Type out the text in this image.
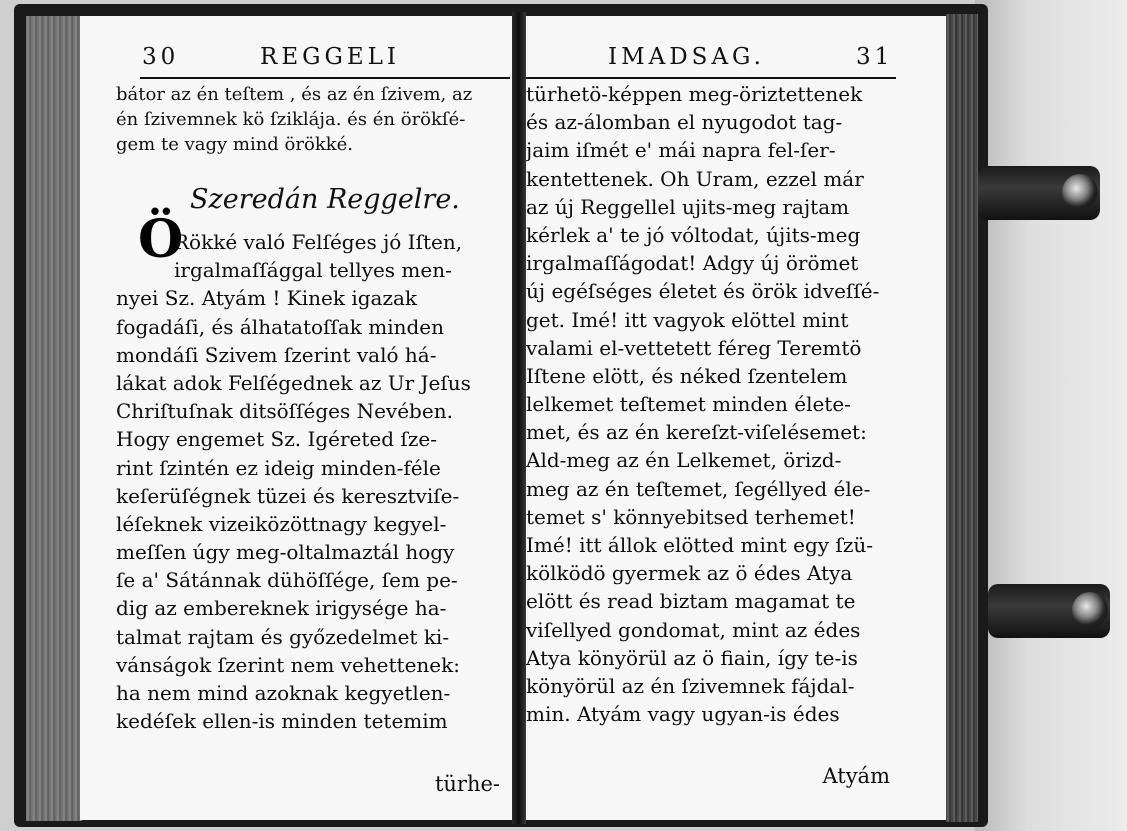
30	REGGELI
bátor az én teſtem , és az én ſzivem, az
én ſzivemnek kö ſziklája. és én örökſé-
gem te vagy mind örökké.
Szeredán Reggelre.
Ö
Rökké való Felſéges jó Iſten,
irgalmaſſággal tellyes men-
nyei Sz. Atyám ! Kinek igazak
fogadáſi, és álhatatoſſak minden
mondáſi Szivem ſzerint való há-
lákat adok Felſégednek az Ur Jeſus
Chriſtuſnak ditsöſſéges Nevében.
Hogy engemet Sz. Igéreted ſze-
rint ſzintén ez ideig minden-féle
keſerüſégnek tüzei és keresztviſe-
léſeknek vizeiközöttnagy kegyel-
meſſen úgy meg-oltalmaztál hogy
ſe a' Sátánnak dühöſſége, ſem pe-
dig az embereknek irigysége ha-
talmat rajtam és győzedelmet ki-
vánságok ſzerint nem vehettenek:
ha nem mind azoknak kegyetlen-
kedéſek ellen-is minden tetemim
türhe-
IMADSAG.	31
türhetö-képpen meg-öriztettenek
és az-álomban el nyugodot tag-
jaim iſmét e' mái napra fel-ſer-
kentettenek. Oh Uram, ezzel már
az új Reggellel ujits-meg rajtam
kérlek a' te jó vóltodat, újits-meg
irgalmaſſágodat! Adgy új örömet
új egéſséges életet és örök idveſſé-
get. Imé! itt vagyok elöttel mint
valami el-vettetett féreg Teremtö
Iſtene elött, és néked ſzentelem
lelkemet teſtemet minden élete-
met, és az én kereſzt-viſelésemet:
Ald-meg az én Lelkemet, örizd-
meg az én teſtemet, ſegéllyed éle-
temet s' könnyebitsed terhemet!
Imé! itt állok elötted mint egy ſzü-
kölködö gyermek az ö édes Atya
elött és read biztam magamat te
viſellyed gondomat, mint az édes
Atya könyörül az ö fiain, így te-is
könyörül az én ſzivemnek fájdal-
min. Atyám vagy ugyan-is édes
Atyám
